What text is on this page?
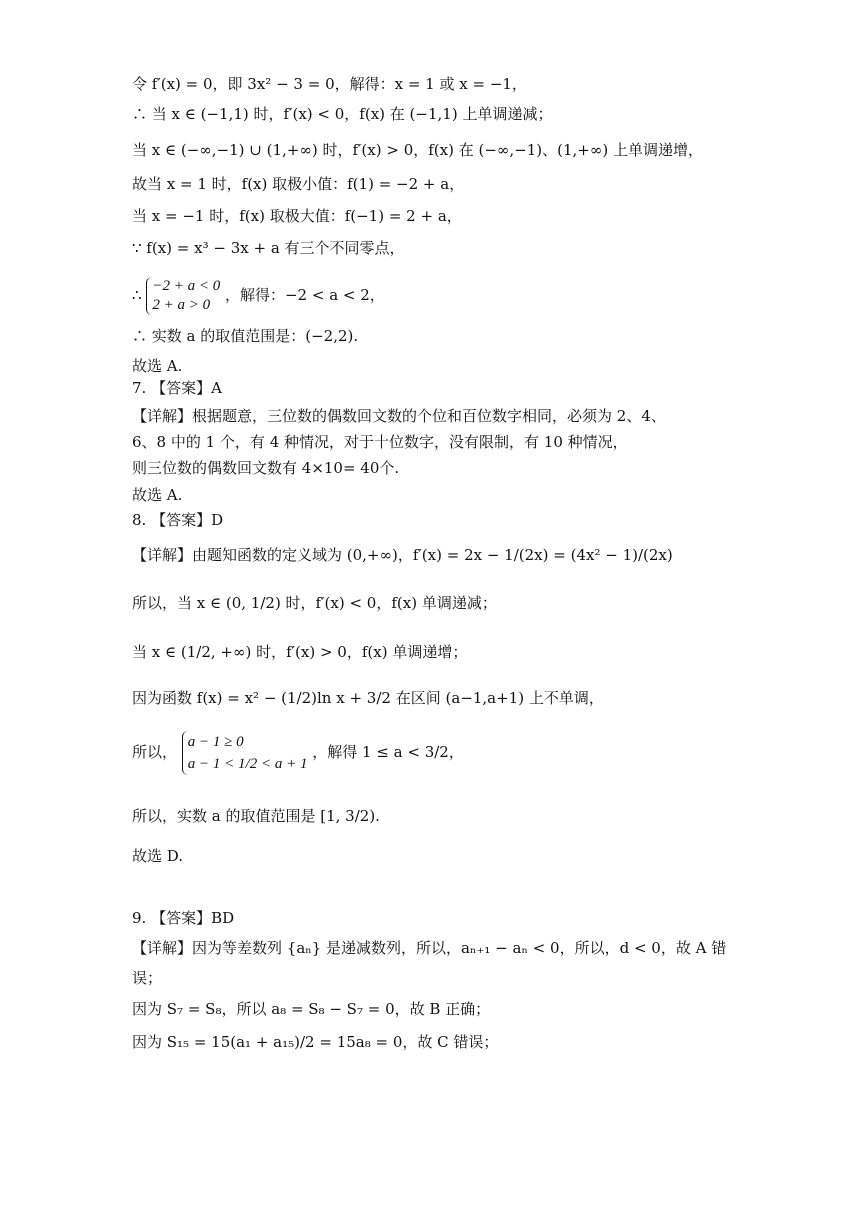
令 f′(x) = 0，即 3x² − 3 = 0，解得：x = 1 或 x = −1，
∴ 当 x ∈ (−1,1) 时，f′(x) < 0，f(x) 在 (−1,1) 上单调递减；
当 x ∈ (−∞,−1) ∪ (1,+∞) 时，f′(x) > 0，f(x) 在 (−∞,−1)、(1,+∞) 上单调递增，
故当 x = 1 时，f(x) 取极小值：f(1) = −2 + a，
当 x = −1 时，f(x) 取极大值：f(−1) = 2 + a，
∵ f(x) = x³ − 3x + a 有三个不同零点，
∴ −2 + a < 0
2 + a > 0
，解得：−2 < a < 2，
∴ 实数 a 的取值范围是：(−2,2).
故选 A.
7. 【答案】A
【详解】根据题意，三位数的偶数回文数的个位和百位数字相同，必须为 2、4、
6、8 中的 1 个，有 4 种情况，对于十位数字，没有限制，有 10 种情况，
则三位数的偶数回文数有 4×10= 40个.
故选 A.
8. 【答案】D
【详解】由题知函数的定义域为 (0,+∞)，f′(x) = 2x − 1/(2x) = (4x² − 1)/(2x)
所以，当 x ∈ (0, 1/2) 时，f′(x) < 0，f(x) 单调递减；
当 x ∈ (1/2, +∞) 时，f′(x) > 0，f(x) 单调递增；
因为函数 f(x) = x² − (1/2)ln x + 3/2 在区间 (a−1,a+1) 上不单调，
所以，
a − 1 ≥ 0
a − 1 < 1/2 < a + 1
，解得 1 ≤ a < 3/2，
所以，实数 a 的取值范围是 [1, 3/2).
故选 D.
9. 【答案】BD
【详解】因为等差数列 {aₙ} 是递减数列，所以，aₙ₊₁ − aₙ < 0，所以，d < 0，故 A 错
误；
因为 S₇ = S₈，所以 a₈ = S₈ − S₇ = 0，故 B 正确；
因为 S₁₅ = 15(a₁ + a₁₅)/2 = 15a₈ = 0，故 C 错误；
